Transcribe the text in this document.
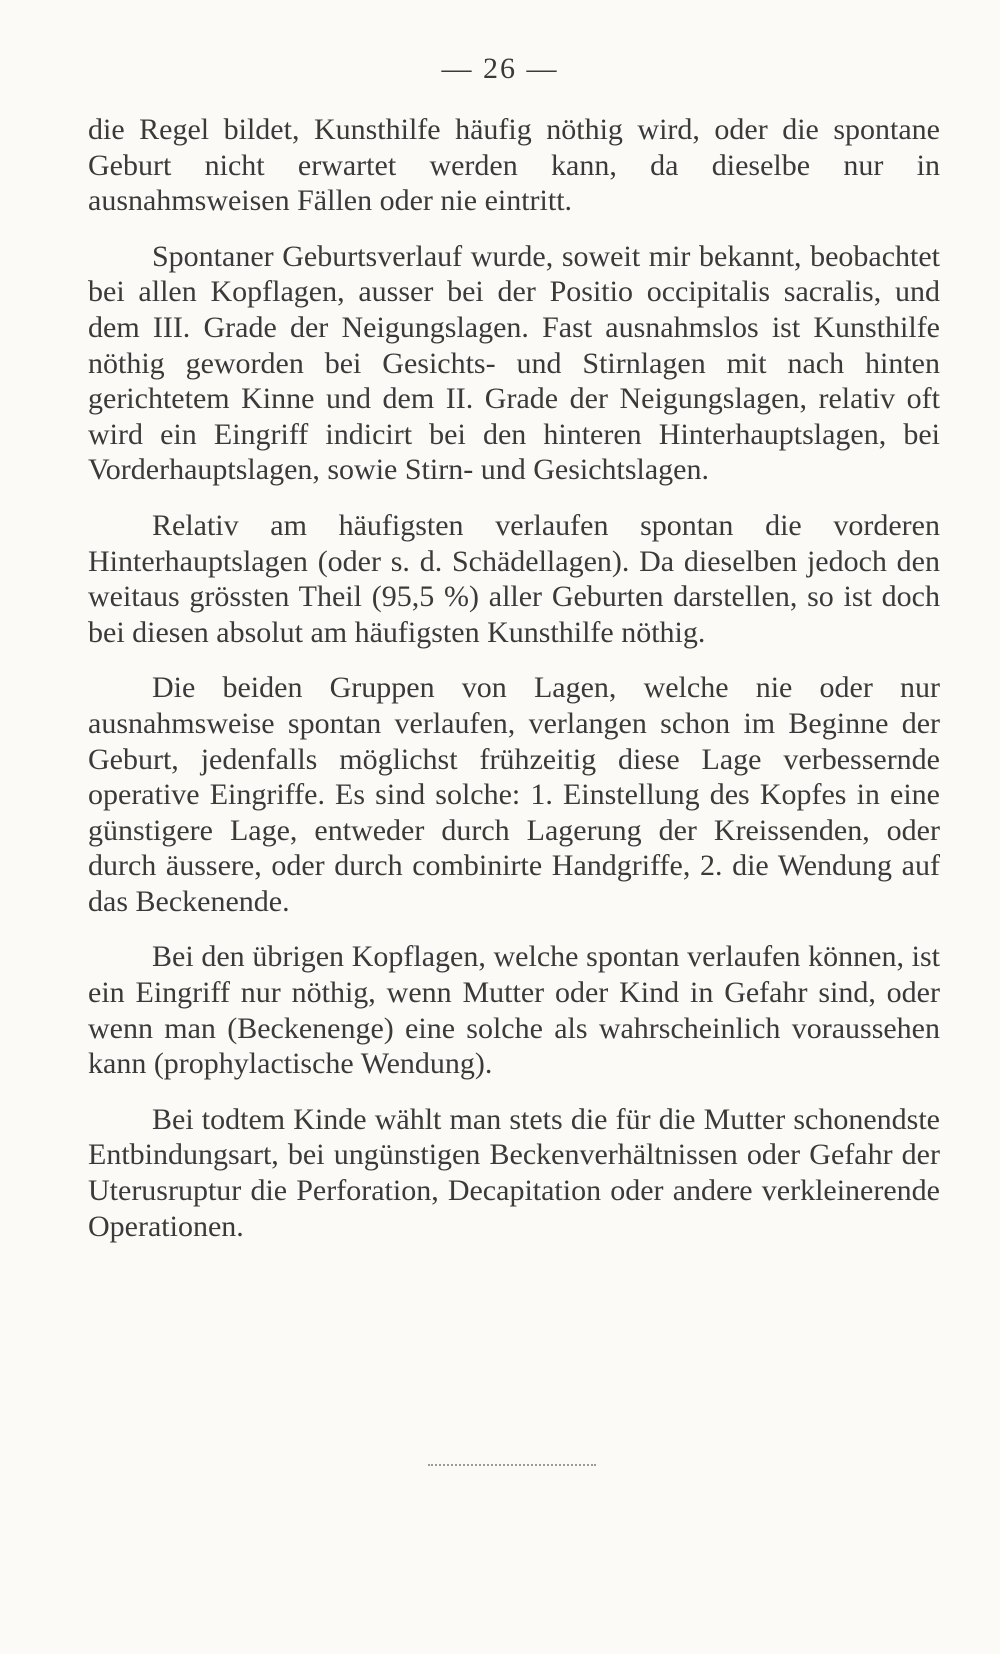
— 26 —

die Regel bildet, Kunsthilfe häufig nöthig wird, oder die spontane Geburt nicht erwartet werden kann, da dieselbe nur in ausnahmsweisen Fällen oder nie eintritt.

Spontaner Geburtsverlauf wurde, soweit mir bekannt, beobachtet bei allen Kopflagen, ausser bei der Positio occipitalis sacralis, und dem III. Grade der Neigungslagen. Fast ausnahmslos ist Kunsthilfe nöthig geworden bei Gesichts- und Stirnlagen mit nach hinten gerichtetem Kinne und dem II. Grade der Neigungslagen, relativ oft wird ein Eingriff indicirt bei den hinteren Hinterhauptslagen, bei Vorderhauptslagen, sowie Stirn- und Gesichtslagen.

Relativ am häufigsten verlaufen spontan die vorderen Hinterhauptslagen (oder s. d. Schädellagen). Da dieselben jedoch den weitaus grössten Theil (95,5 %) aller Geburten darstellen, so ist doch bei diesen absolut am häufigsten Kunsthilfe nöthig.

Die beiden Gruppen von Lagen, welche nie oder nur ausnahmsweise spontan verlaufen, verlangen schon im Beginne der Geburt, jedenfalls möglichst frühzeitig diese Lage verbessernde operative Eingriffe. Es sind solche: 1. Einstellung des Kopfes in eine günstigere Lage, entweder durch Lagerung der Kreissenden, oder durch äussere, oder durch combinirte Handgriffe, 2. die Wendung auf das Beckenende.

Bei den übrigen Kopflagen, welche spontan verlaufen können, ist ein Eingriff nur nöthig, wenn Mutter oder Kind in Gefahr sind, oder wenn man (Beckenenge) eine solche als wahrscheinlich voraussehen kann (prophylactische Wendung).

Bei todtem Kinde wählt man stets die für die Mutter schonendste Entbindungsart, bei ungünstigen Beckenverhältnissen oder Gefahr der Uterusruptur die Perforation, Decapitation oder andere verkleinerende Operationen.
